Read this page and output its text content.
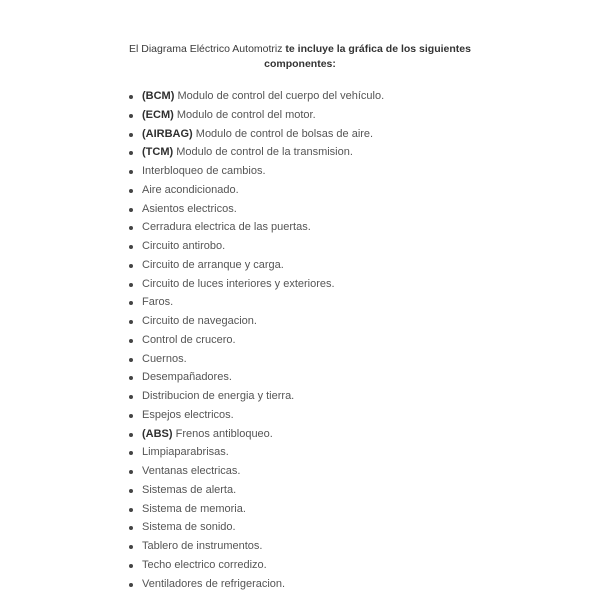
El Diagrama Eléctrico Automotriz te incluye la gráfica de los siguientes
componentes:
(BCM) Modulo de control del cuerpo del vehículo.
(ECM) Modulo de control del motor.
(AIRBAG) Modulo de control de bolsas de aire.
(TCM) Modulo de control de la transmision.
Interbloqueo de cambios.
Aire acondicionado.
Asientos electricos.
Cerradura electrica de las puertas.
Circuito antirobo.
Circuito de arranque y carga.
Circuito de luces interiores y exteriores.
Faros.
Circuito de navegacion.
Control de crucero.
Cuernos.
Desempañadores.
Distribucion de energia y tierra.
Espejos electricos.
(ABS) Frenos antibloqueo.
Limpiaparabrisas.
Ventanas electricas.
Sistemas de alerta.
Sistema de memoria.
Sistema de sonido.
Tablero de instrumentos.
Techo electrico corredizo.
Ventiladores de refrigeracion.
